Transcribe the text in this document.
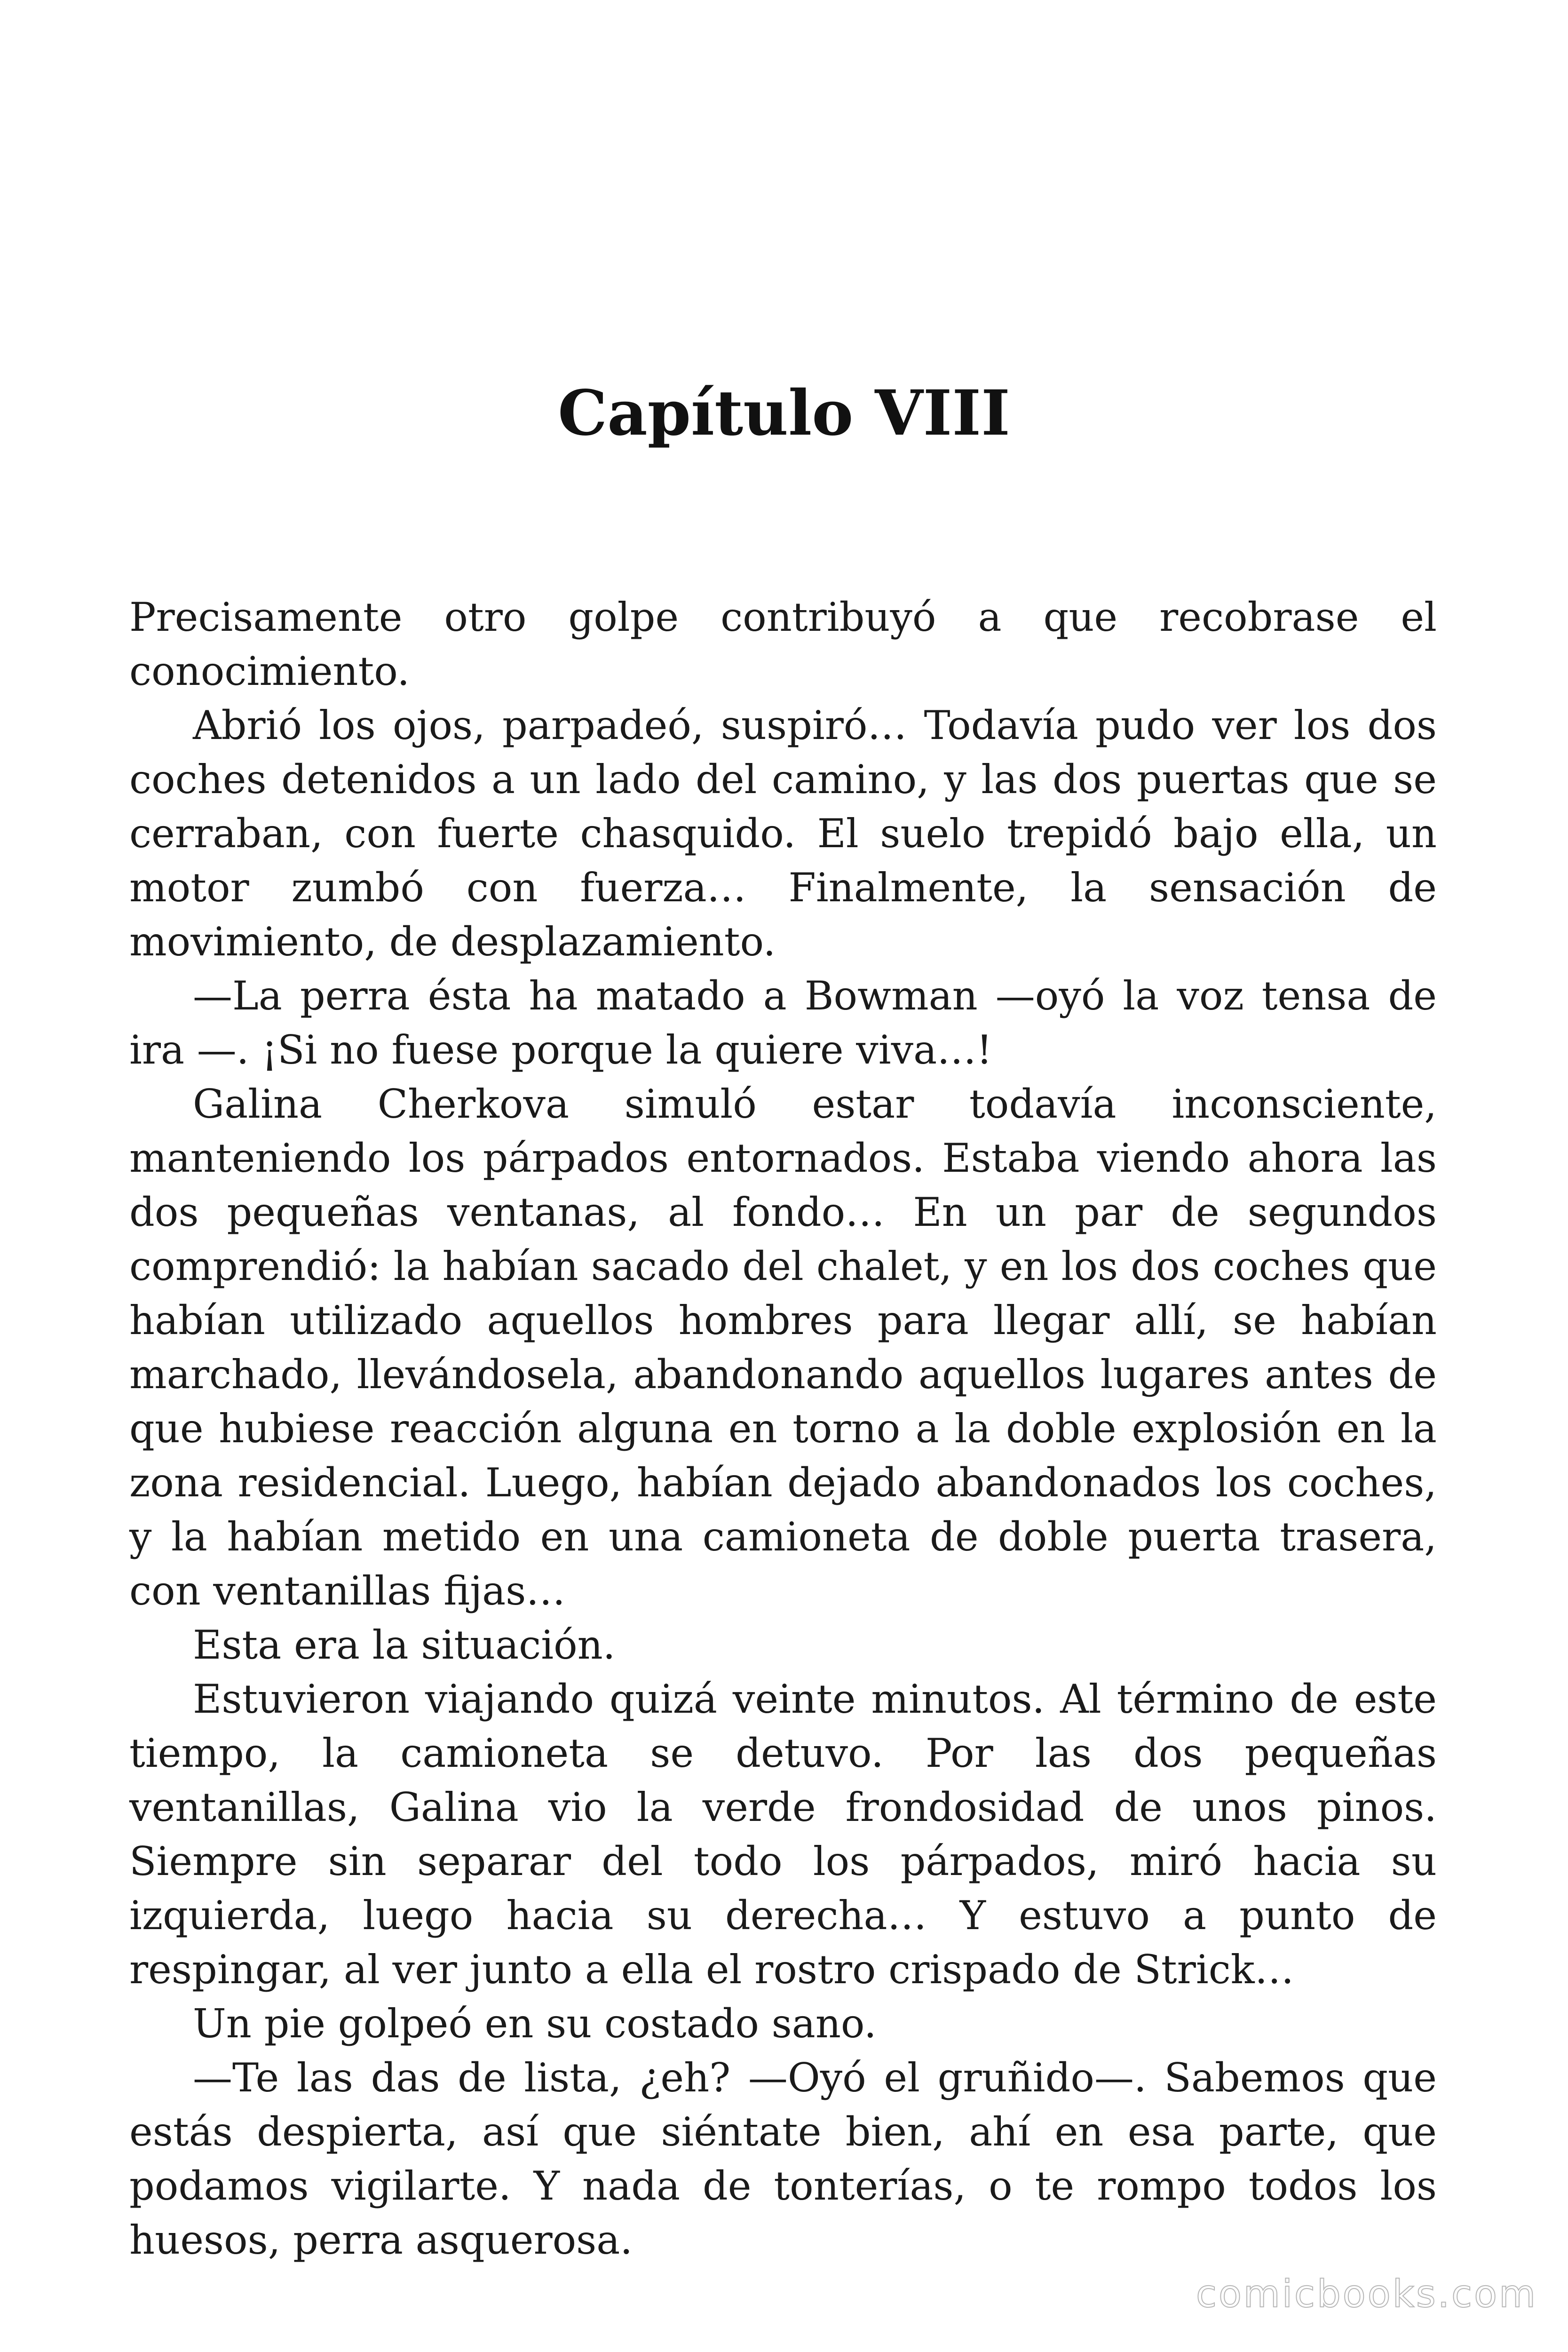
Capítulo VIII

Precisamente otro golpe contribuyó a que recobrase el conocimiento.

Abrió los ojos, parpadeó, suspiró… Todavía pudo ver los dos coches detenidos a un lado del camino, y las dos puertas que se cerraban, con fuerte chasquido. El suelo trepidó bajo ella, un motor zumbó con fuerza… Finalmente, la sensación de movimiento, de desplazamiento.

—La perra ésta ha matado a Bowman —oyó la voz tensa de ira —. ¡Si no fuese porque la quiere viva…!

Galina Cherkova simuló estar todavía inconsciente, manteniendo los párpados entornados. Estaba viendo ahora las dos pequeñas ventanas, al fondo… En un par de segundos comprendió: la habían sacado del chalet, y en los dos coches que habían utilizado aquellos hombres para llegar allí, se habían marchado, llevándosela, abandonando aquellos lugares antes de que hubiese reacción alguna en torno a la doble explosión en la zona residencial. Luego, habían dejado abandonados los coches, y la habían metido en una camioneta de doble puerta trasera, con ventanillas fijas…

Esta era la situación.

Estuvieron viajando quizá veinte minutos. Al término de este tiempo, la camioneta se detuvo. Por las dos pequeñas ventanillas, Galina vio la verde frondosidad de unos pinos. Siempre sin separar del todo los párpados, miró hacia su izquierda, luego hacia su derecha… Y estuvo a punto de respingar, al ver junto a ella el rostro crispado de Strick…

Un pie golpeó en su costado sano.

—Te las das de lista, ¿eh? —Oyó el gruñido—. Sabemos que estás despierta, así que siéntate bien, ahí en esa parte, que podamos vigilarte. Y nada de tonterías, o te rompo todos los huesos, perra asquerosa.

comicbooks.com
